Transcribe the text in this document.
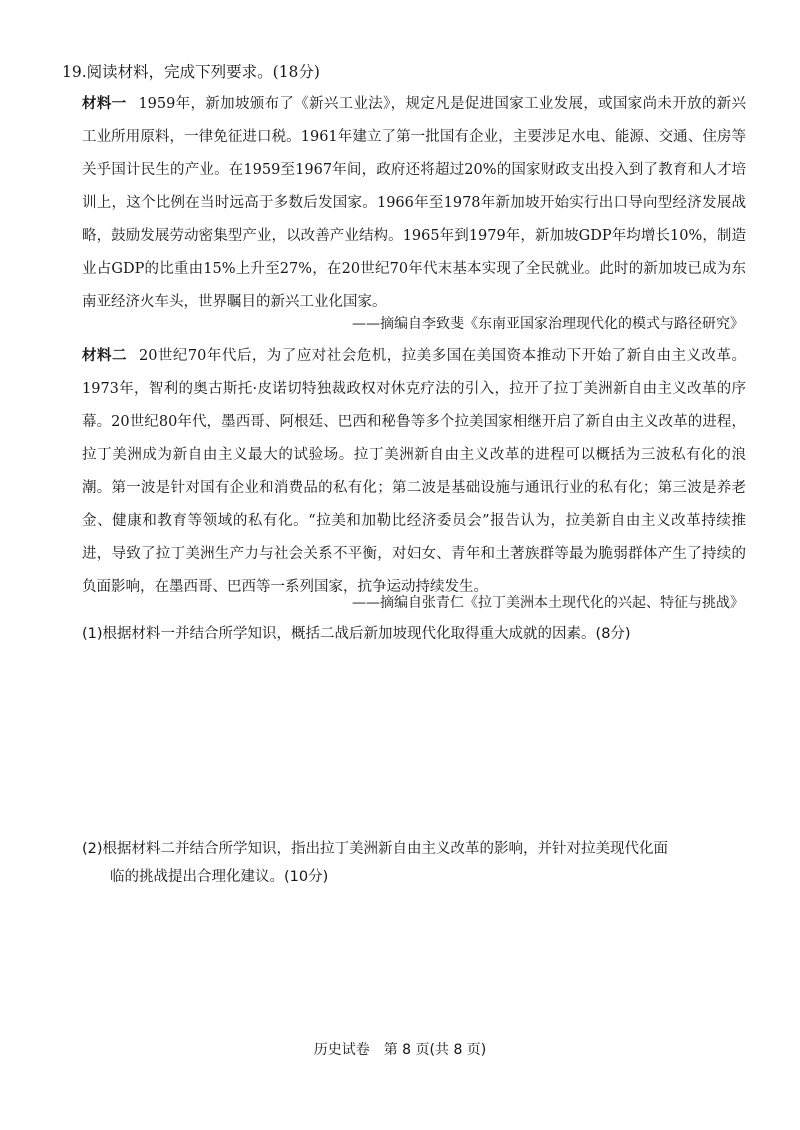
19.阅读材料，完成下列要求。(18分)
材料一 1959年，新加坡颁布了《新兴工业法》，规定凡是促进国家工业发展，或国家尚未开放的新兴工业所用原料，一律免征进口税。1961年建立了第一批国有企业，主要涉足水电、能源、交通、住房等关乎国计民生的产业。在1959至1967年间，政府还将超过20%的国家财政支出投入到了教育和人才培训上，这个比例在当时远高于多数后发国家。1966年至1978年新加坡开始实行出口导向型经济发展战略，鼓励发展劳动密集型产业，以改善产业结构。1965年到1979年，新加坡GDP年均增长10%，制造业占GDP的比重由15%上升至27%，在20世纪70年代末基本实现了全民就业。此时的新加坡已成为东南亚经济火车头，世界瞩目的新兴工业化国家。
——摘编自李致斐《东南亚国家治理现代化的模式与路径研究》
材料二 20世纪70年代后，为了应对社会危机，拉美多国在美国资本推动下开始了新自由主义改革。1973年，智利的奥古斯托·皮诺切特独裁政权对休克疗法的引入，拉开了拉丁美洲新自由主义改革的序幕。20世纪80年代，墨西哥、阿根廷、巴西和秘鲁等多个拉美国家相继开启了新自由主义改革的进程，拉丁美洲成为新自由主义最大的试验场。拉丁美洲新自由主义改革的进程可以概括为三波私有化的浪潮。第一波是针对国有企业和消费品的私有化；第二波是基础设施与通讯行业的私有化；第三波是养老金、健康和教育等领域的私有化。“拉美和加勒比经济委员会”报告认为，拉美新自由主义改革持续推进，导致了拉丁美洲生产力与社会关系不平衡，对妇女、青年和土著族群等最为脆弱群体产生了持续的负面影响，在墨西哥、巴西等一系列国家，抗争运动持续发生。
——摘编自张青仁《拉丁美洲本土现代化的兴起、特征与挑战》
(1)根据材料一并结合所学知识，概括二战后新加坡现代化取得重大成就的因素。(8分)
(2)根据材料二并结合所学知识，指出拉丁美洲新自由主义改革的影响，并针对拉美现代化面
临的挑战提出合理化建议。(10分)
历史试卷　第 8 页(共 8 页)
